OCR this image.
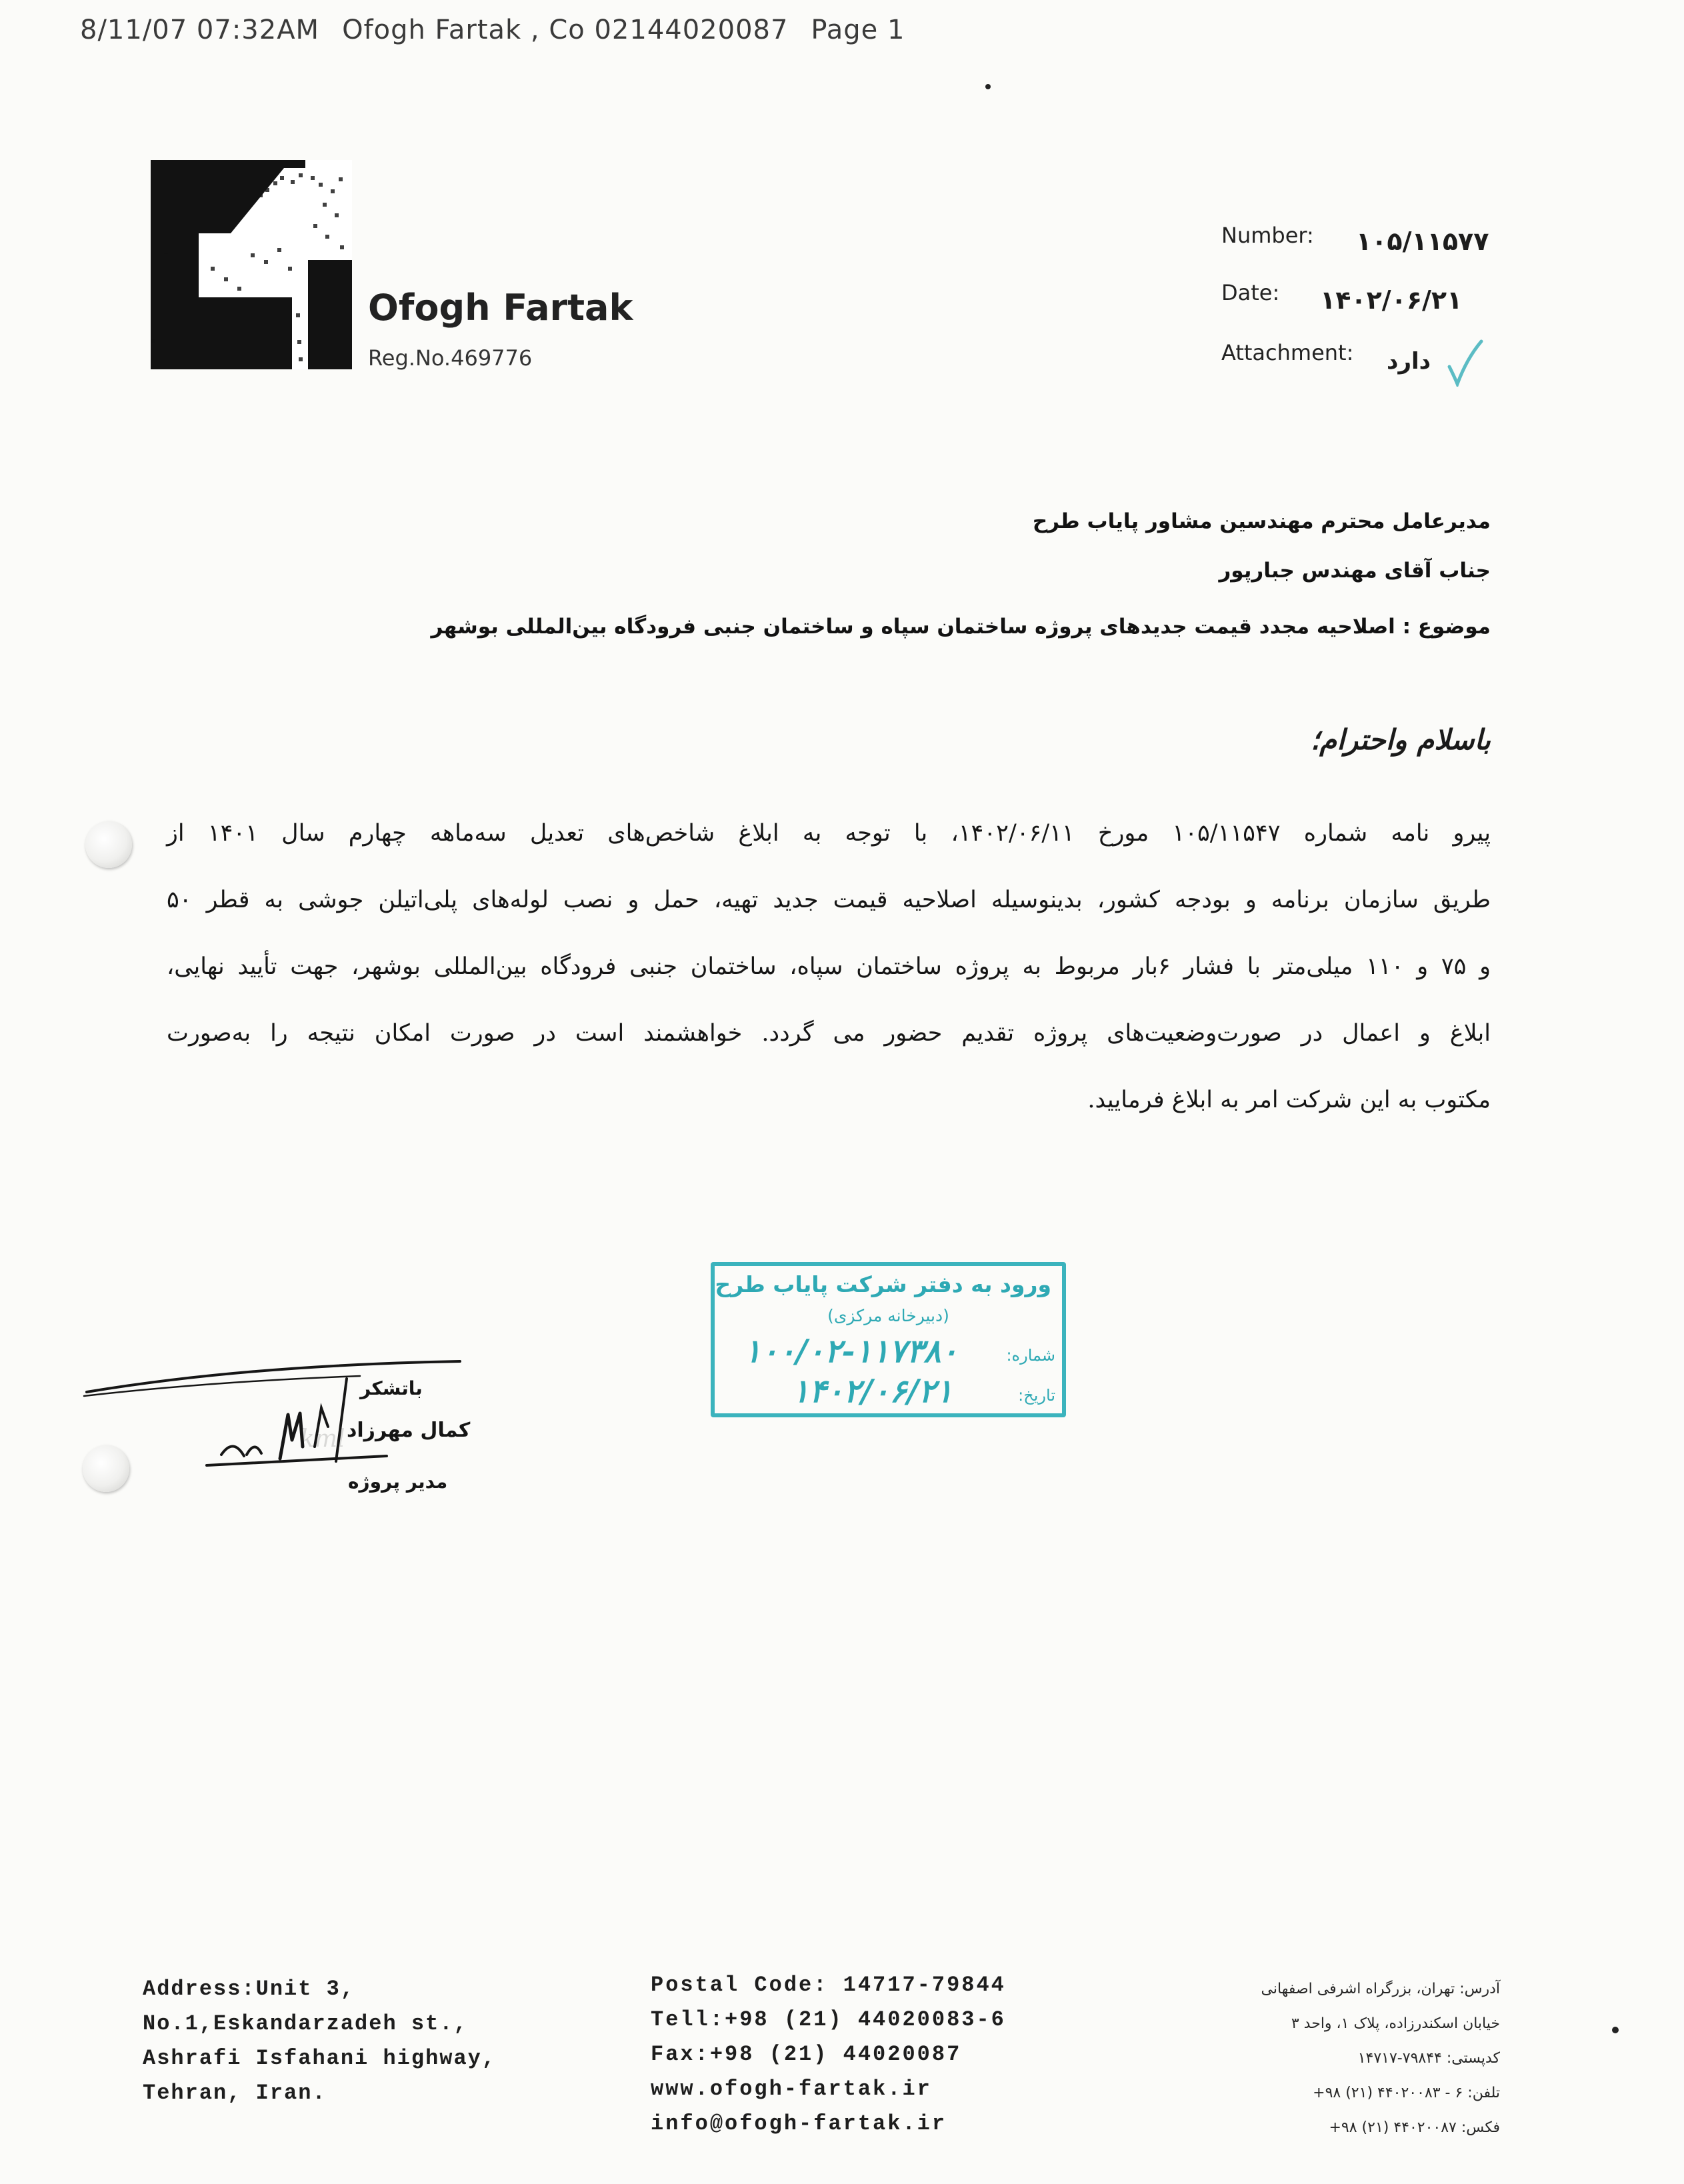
8/11/07 07:32AM Ofogh Fartak , Co 02144020087 Page 1
Ofogh Fartak
Reg.No.469776
Number: ۱۰۵/۱۱۵۷۷
Date: ۱۴۰۲/۰۶/۲۱
Attachment: دارد
مدیرعامل محترم مهندسین مشاور پایاب طرح
جناب آقای مهندس جبارپور
موضوع : اصلاحیه مجدد قیمت جدیدهای پروژه ساختمان سپاه و ساختمان جنبی فرودگاه بین‌المللی بوشهر
باسلام واحترام؛
پیرو نامه شماره ۱۰۵/۱۱۵۴۷ مورخ ۱۴۰۲/۰۶/۱۱، با توجه به ابلاغ شاخص‌های تعدیل سه‌ماهه چهارم سال ۱۴۰۱ از
طریق سازمان برنامه و بودجه کشور، بدینوسیله اصلاحیه قیمت جدید تهیه، حمل و نصب لوله‌های پلی‌اتیلن جوشی به قطر ۵۰
و ۷۵ و ۱۱۰ میلی‌متر با فشار ۶بار مربوط به پروژه ساختمان سپاه، ساختمان جنبی فرودگاه بین‌المللی بوشهر، جهت تأیید نهایی،
ابلاغ و اعمال در صورت‌وضعیت‌های پروژه تقدیم حضور می گردد. خواهشمند است در صورت امکان نتیجه را به‌صورت
مکتوب به این شرکت امر به ابلاغ فرمایید.
ورود به دفتر شرکت پایاب طرح
(دبیرخانه مرکزی)
شماره:
۱۰۰/۰۲-۱۱۷۳۸۰
تاریخ:
۱۴۰۲/۰۶/۲۱
kml
باتشکر
کمال مهرزاد
مدیر پروژه
Address:Unit 3,
No.1,Eskandarzadeh st.,
Ashrafi Isfahani highway,
Tehran, Iran.
Postal Code: 14717-79844
Tell:+98 (21) 44020083-6
Fax:+98 (21) 44020087
www.ofogh-fartak.ir
info@ofogh-fartak.ir
آدرس: تهران، بزرگراه اشرفی اصفهانی
خیابان اسکندرزاده، پلاک ۱، واحد ۳
کدپستی: ۷۹۸۴۴-۱۴۷۱۷
تلفن: ۶ - ۴۴۰۲۰۰۸۳ (۲۱) ۹۸+
فکس: ۴۴۰۲۰۰۸۷ (۲۱) ۹۸+
